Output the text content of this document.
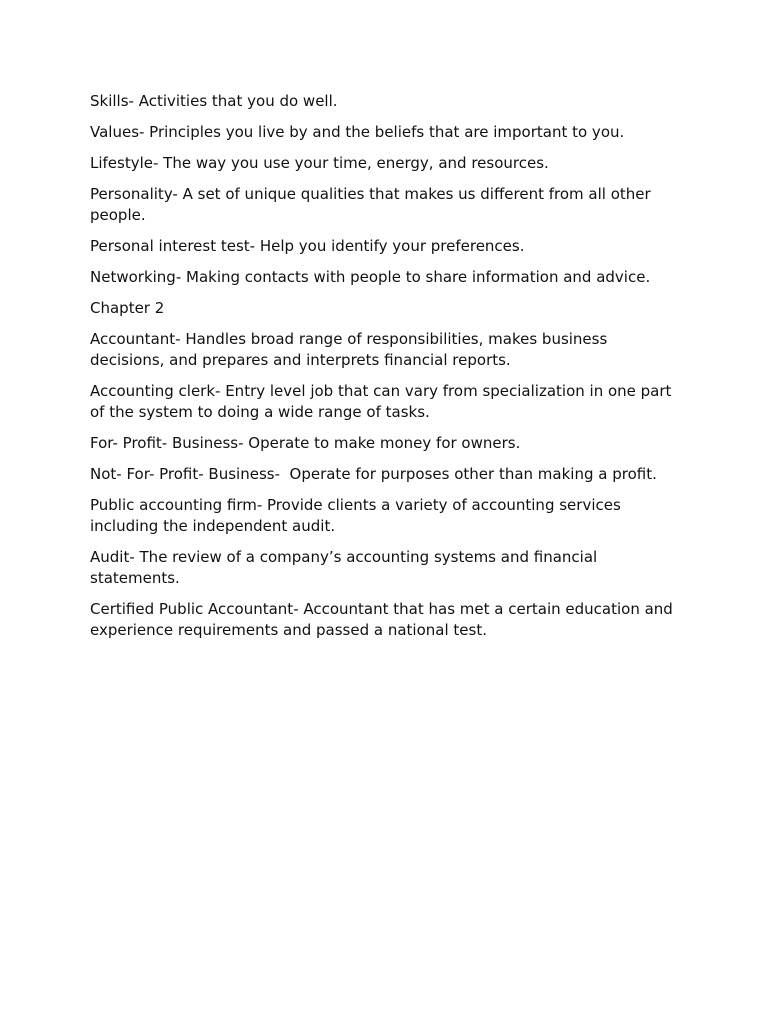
Skills- Activities that you do well.

Values- Principles you live by and the beliefs that are important to you.

Lifestyle- The way you use your time, energy, and resources.

Personality- A set of unique qualities that makes us different from all other people.

Personal interest test- Help you identify your preferences.

Networking- Making contacts with people to share information and advice.

Chapter 2

Accountant- Handles broad range of responsibilities, makes business decisions, and prepares and interprets financial reports.

Accounting clerk- Entry level job that can vary from specialization in one part of the system to doing a wide range of tasks.

For- Profit- Business- Operate to make money for owners.

Not- For- Profit- Business-  Operate for purposes other than making a profit.

Public accounting firm- Provide clients a variety of accounting services including the independent audit.

Audit- The review of a company’s accounting systems and financial statements.

Certified Public Accountant- Accountant that has met a certain education and experience requirements and passed a national test.
